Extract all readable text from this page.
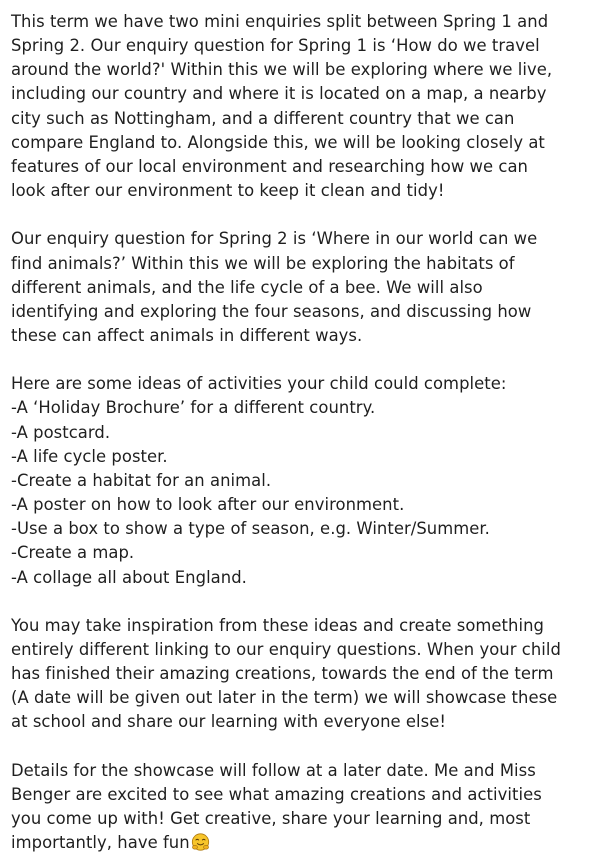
This term we have two mini enquiries split between Spring 1 and
Spring 2. Our enquiry question for Spring 1 is ‘How do we travel
around the world?' Within this we will be exploring where we live,
including our country and where it is located on a map, a nearby
city such as Nottingham, and a different country that we can
compare England to. Alongside this, we will be looking closely at
features of our local environment and researching how we can
look after our environment to keep it clean and tidy!

Our enquiry question for Spring 2 is ‘Where in our world can we
find animals?’ Within this we will be exploring the habitats of
different animals, and the life cycle of a bee. We will also
identifying and exploring the four seasons, and discussing how
these can affect animals in different ways.

Here are some ideas of activities your child could complete:
-A ‘Holiday Brochure’ for a different country.
-A postcard.
-A life cycle poster.
-Create a habitat for an animal.
-A poster on how to look after our environment.
-Use a box to show a type of season, e.g. Winter/Summer.
-Create a map.
-A collage all about England.

You may take inspiration from these ideas and create something
entirely different linking to our enquiry questions. When your child
has finished their amazing creations, towards the end of the term
(A date will be given out later in the term) we will showcase these
at school and share our learning with everyone else!

Details for the showcase will follow at a later date. Me and Miss
Benger are excited to see what amazing creations and activities
you come up with! Get creative, share your learning and, most
importantly, have fun
